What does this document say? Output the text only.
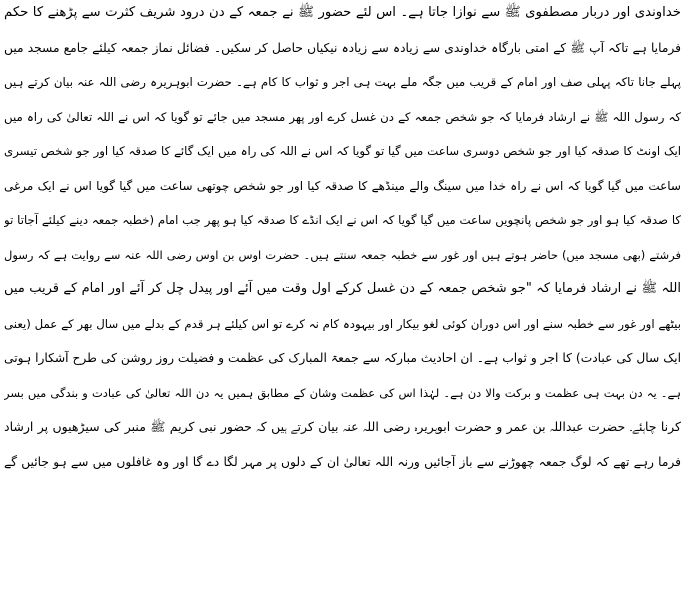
خداوندی اور دربار مصطفوی ﷺ سے نوازا جاتا ہے۔ اس لئے حضور ﷺ نے جمعہ کے دن درود شریف کثرت سے پڑھنے کا حکم
فرمایا ہے تاکہ آپ ﷺ کے امتی بارگاہ خداوندی سے زیادہ سے زیادہ نیکیاں حاصل کر سکیں۔ فضائل نماز جمعہ کیلئے جامع مسجد میں
پہلے جانا تاکہ پہلی صف اور امام کے قریب میں جگہ ملے بہت ہی اجر و ثواب کا کام ہے۔ حضرت ابوہریرہ رضی اللہ عنہ بیان کرتے ہیں
کہ رسول اللہ ﷺ نے ارشاد فرمایا کہ جو شخص جمعہ کے دن غسل کرے اور پھر مسجد میں جائے تو گویا کہ اس نے اللہ تعالیٰ کی راہ میں
ایک اونٹ کا صدقہ کیا اور جو شخص دوسری ساعت میں گیا تو گویا کہ اس نے اللہ کی راہ میں ایک گائے کا صدقہ کیا اور جو شخص تیسری
ساعت میں گیا گویا کہ اس نے راہ خدا میں سینگ والے مینڈھے کا صدقہ کیا اور جو شخص چوتھی ساعت میں گیا گویا اس نے ایک مرغی
کا صدقہ کیا ہو اور جو شخص پانچویں ساعت میں گیا گویا کہ اس نے ایک انڈے کا صدقہ کیا ہو پھر جب امام (خطبہ جمعہ دینے کیلئے آجاتا تو
فرشتے (بھی مسجد میں) حاضر ہوتے ہیں اور غور سے خطبہ جمعہ سنتے ہیں۔ حضرت اوس بن اوس رضی اللہ عنہ سے روایت ہے کہ رسول
اللہ ﷺ نے ارشاد فرمایا کہ "جو شخص جمعہ کے دن غسل کرکے اول وقت میں آئے اور پیدل چل کر آئے اور امام کے قریب میں
بیٹھے اور غور سے خطبہ سنے اور اس دوران کوئی لغو بیکار اور بیہودہ کام نہ کرے تو اس کیلئے ہر قدم کے بدلے میں سال بھر کے عمل (یعنی
ایک سال کی عبادت) کا اجر و ثواب ہے۔ ان احادیث مبارکہ سے جمعۃ المبارک کی عظمت و فضیلت روز روشن کی طرح آشکارا ہوتی
ہے۔ یہ دن بہت ہی عظمت و برکت والا دن ہے۔ لہٰذا اس کی عظمت وشان کے مطابق ہمیں یہ دن اللہ تعالیٰ کی عبادت و بندگی میں بسر
کرنا چاہئے۔ حضرت عبداللہ بن عمر و حضرت ابوہریرہ رضی اللہ عنہ بیان کرتے ہیں کہ حضور نبی کریم ﷺ منبر کی سیڑھیوں پر ارشاد
فرما رہے تھے کہ لوگ جمعہ چھوڑنے سے باز آجائیں ورنہ اللہ تعالیٰ ان کے دلوں پر مہر لگا دے گا اور وہ غافلوں میں سے ہو جائیں گے
